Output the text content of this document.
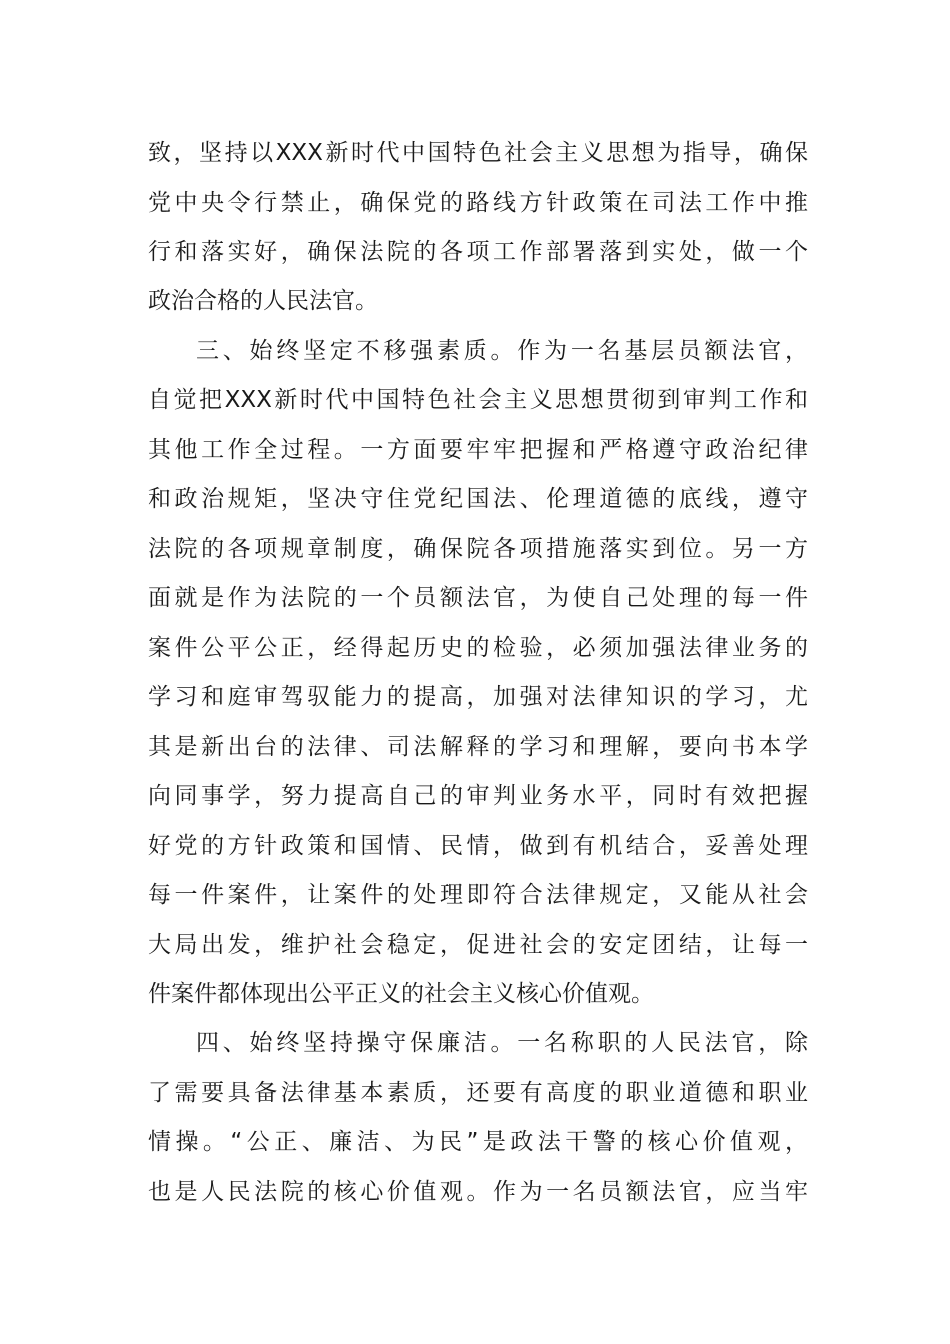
致，坚持以XXX新时代中国特色社会主义思想为指导，确保
党中央令行禁止，确保党的路线方针政策在司法工作中推
行和落实好，确保法院的各项工作部署落到实处，做一个
政治合格的人民法官。
三、始终坚定不移强素质。作为一名基层员额法官，
自觉把XXX新时代中国特色社会主义思想贯彻到审判工作和
其他工作全过程。一方面要牢牢把握和严格遵守政治纪律
和政治规矩，坚决守住党纪国法、伦理道德的底线，遵守
法院的各项规章制度，确保院各项措施落实到位。另一方
面就是作为法院的一个员额法官，为使自己处理的每一件
案件公平公正，经得起历史的检验，必须加强法律业务的
学习和庭审驾驭能力的提高，加强对法律知识的学习，尤
其是新出台的法律、司法解释的学习和理解，要向书本学
向同事学，努力提高自己的审判业务水平，同时有效把握
好党的方针政策和国情、民情，做到有机结合，妥善处理
每一件案件，让案件的处理即符合法律规定，又能从社会
大局出发，维护社会稳定，促进社会的安定团结，让每一
件案件都体现出公平正义的社会主义核心价值观。
四、始终坚持操守保廉洁。一名称职的人民法官，除
了需要具备法律基本素质，还要有高度的职业道德和职业
情操。“公正、廉洁、为民”是政法干警的核心价值观，
也是人民法院的核心价值观。作为一名员额法官，应当牢
